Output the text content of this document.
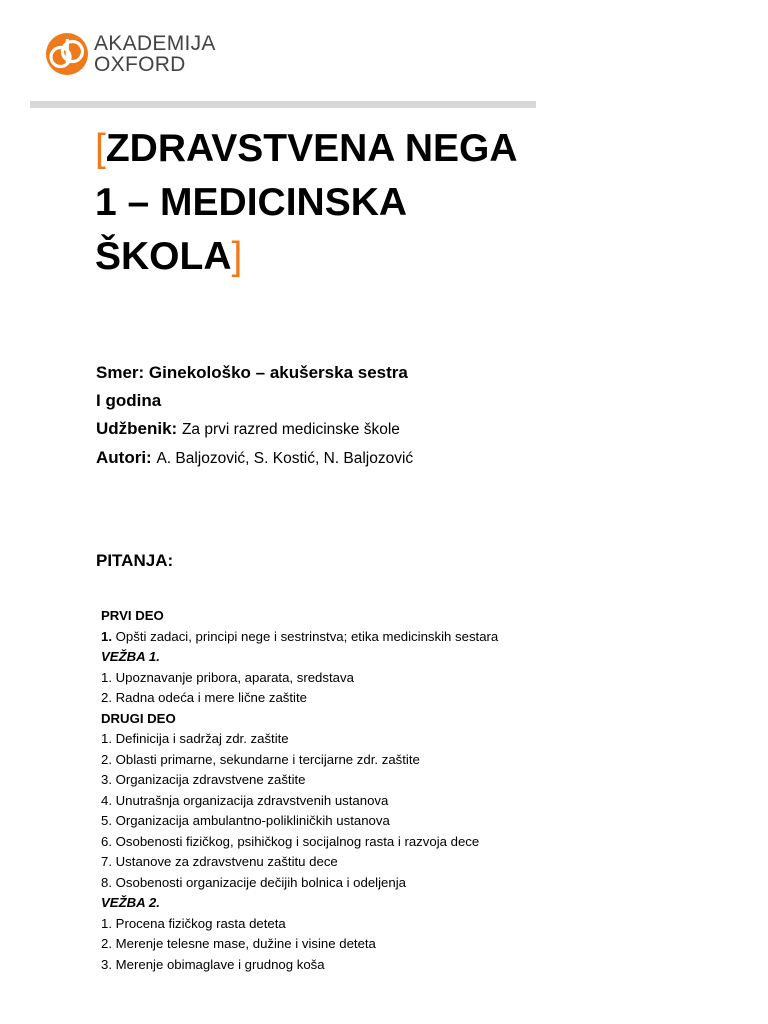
AKADEMIJA
OXFORD
[ZDRAVSTVENA NEGA
1 – MEDICINSKA
ŠKOLA]
Smer: Ginekološko – akušerska sestra
I godina
Udžbenik: Za prvi razred medicinske škole
Autori: A. Baljozović, S. Kostić, N. Baljozović
PITANJA:
PRVI DEO
1. Opšti zadaci, principi nege i sestrinstva; etika medicinskih sestara
VEŽBA 1.
1. Upoznavanje pribora, aparata, sredstava
2. Radna odeća i mere lične zaštite
DRUGI DEO
1. Definicija i sadržaj zdr. zaštite
2. Oblasti primarne, sekundarne i tercijarne zdr. zaštite
3. Organizacija zdravstvene zaštite
4. Unutrašnja organizacija zdravstvenih ustanova
5. Organizacija ambulantno-polikliničkih ustanova
6. Osobenosti fizičkog, psihičkog i socijalnog rasta i razvoja dece
7. Ustanove za zdravstvenu zaštitu dece
8. Osobenosti organizacije dečijih bolnica i odeljenja
VEŽBA 2.
1. Procena fizičkog rasta deteta
2. Merenje telesne mase, dužine i visine deteta
3. Merenje obimaglave i grudnog koša
